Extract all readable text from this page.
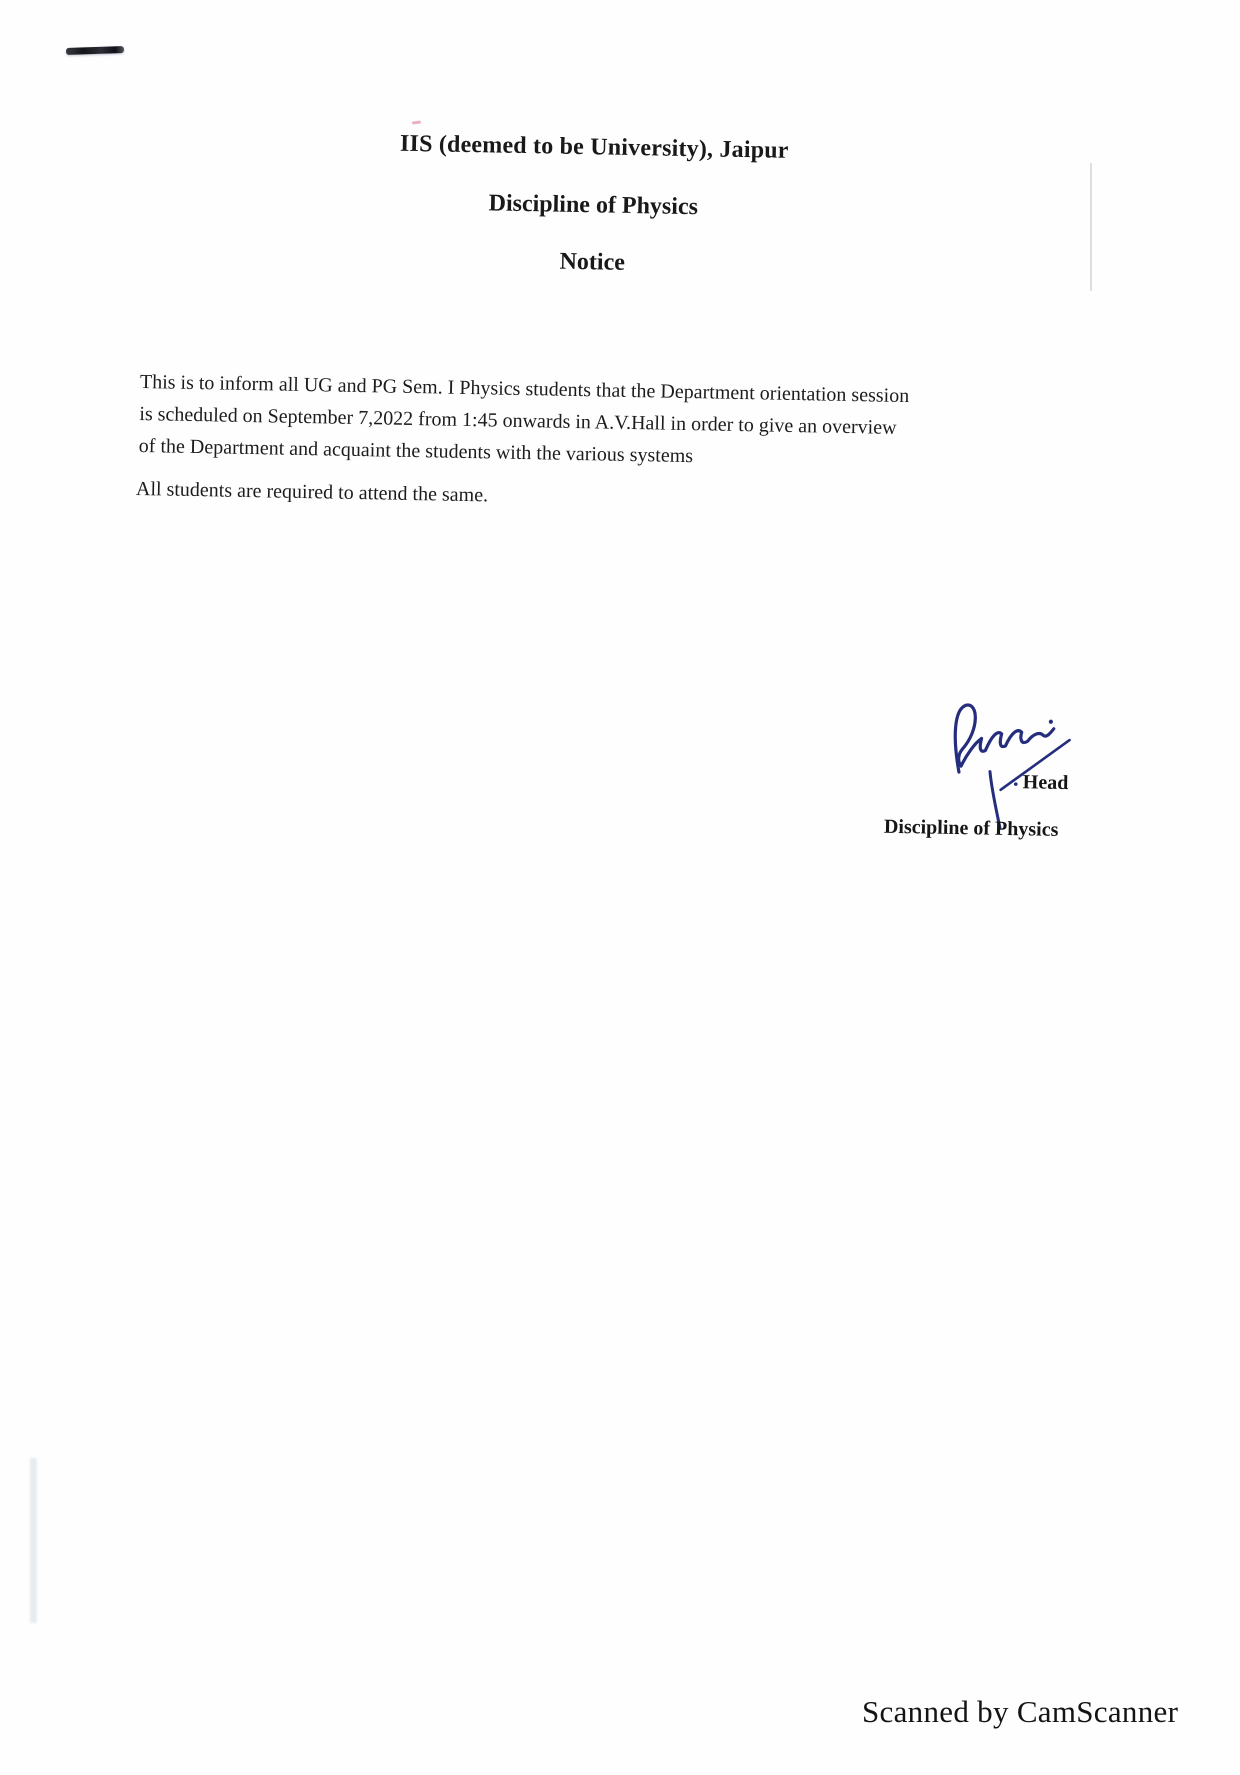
IIS (deemed to be University), Jaipur
Discipline of Physics
Notice
This is to inform all UG and PG Sem. I Physics students that the Department orientation session
is scheduled on September 7,2022 from 1:45 onwards in A.V.Hall in order to give an overview
of the Department and acquaint the students with the various systems
All students are required to attend the same.
Head
Discipline of Physics
Scanned by CamScanner
